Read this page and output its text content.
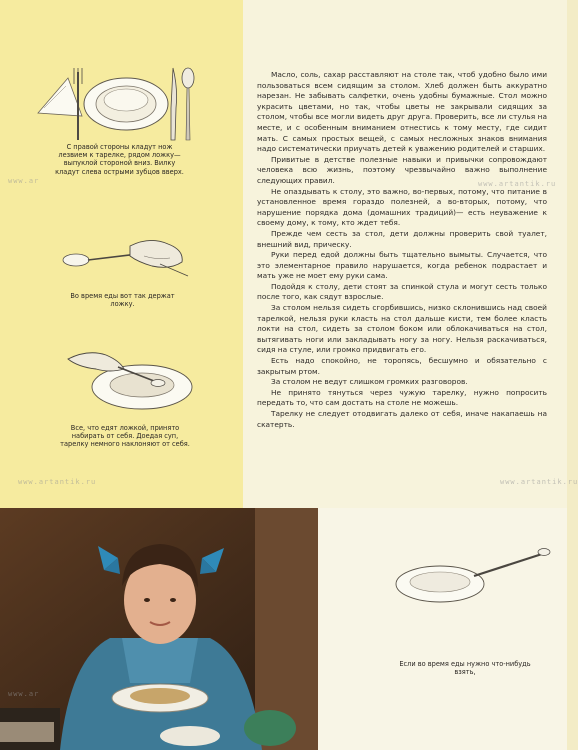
С правой стороны кладут нож лезвием к тарелке, рядом ложку— выпуклой стороной вниз. Вилку кладут слева острыми зубцов вверх.
Во время еды вот так держат ложку.
Все, что едят ложкой, принято набирать от себя. Доедая суп, тарелку немного наклоняют от себя.

Масло, соль, сахар расставляют на столе так, чтоб удобно было ими пользоваться всем сидящим за столом. Хлеб должен быть аккуратно нарезан. Не забывать салфетки, очень удобны бумажные. Стол можно украсить цветами, но так, чтобы цветы не закрывали сидящих за столом, чтобы все могли видеть друг друга. Проверить, все ли стулья на месте, и с особенным вниманием отнестись к тому месту, где сидит мать. С самых простых вещей, с самых несложных знаков внимания надо систематически приучать детей к уважению родителей и старших.

Привитые в детстве полезные навыки и привычки сопровождают человека всю жизнь, поэтому чрезвычайно важно выполнение следующих правил.

Не опаздывать к столу, это важно, во-первых, потому, что питание в установленное время гораздо полезней, а во-вторых, потому, что нарушение порядка дома (домашних традиций)— есть неуважение к своему дому, к тому, кто ждет тебя.

Прежде чем сесть за стол, дети должны проверить свой туалет, внешний вид, прическу.

Руки перед едой должны быть тщательно вымыты. Случается, что это элементарное правило нарушается, когда ребенок подрастает и мать уже не моет ему руки сама.

Подойдя к столу, дети стоят за спинкой стула и могут сесть только после того, как сядут взрослые.

За столом нельзя сидеть сгорбившись, низко склонившись над своей тарелкой, нельзя руки класть на стол дальше кисти, тем более класть локти на стол, сидеть за столом боком или облокачиваться на стол, вытягивать ноги или закладывать ногу за ногу. Нельзя раскачиваться, сидя на стуле, или громко придвигать его.

Есть надо спокойно, не торопясь, бесшумно и обязательно с закрытым ртом.

За столом не ведут слишком громких разговоров.

Не принято тянуться через чужую тарелку, нужно попросить передать то, что сам достать на столе не можешь.

Тарелку не следует отодвигать далеко от себя, иначе накапаешь на скатерть.

Если во время еды нужно что-нибудь взять,
www.ar	www.artantik.ru
www.artantik.ru	www.artantik.ru
www.ar
